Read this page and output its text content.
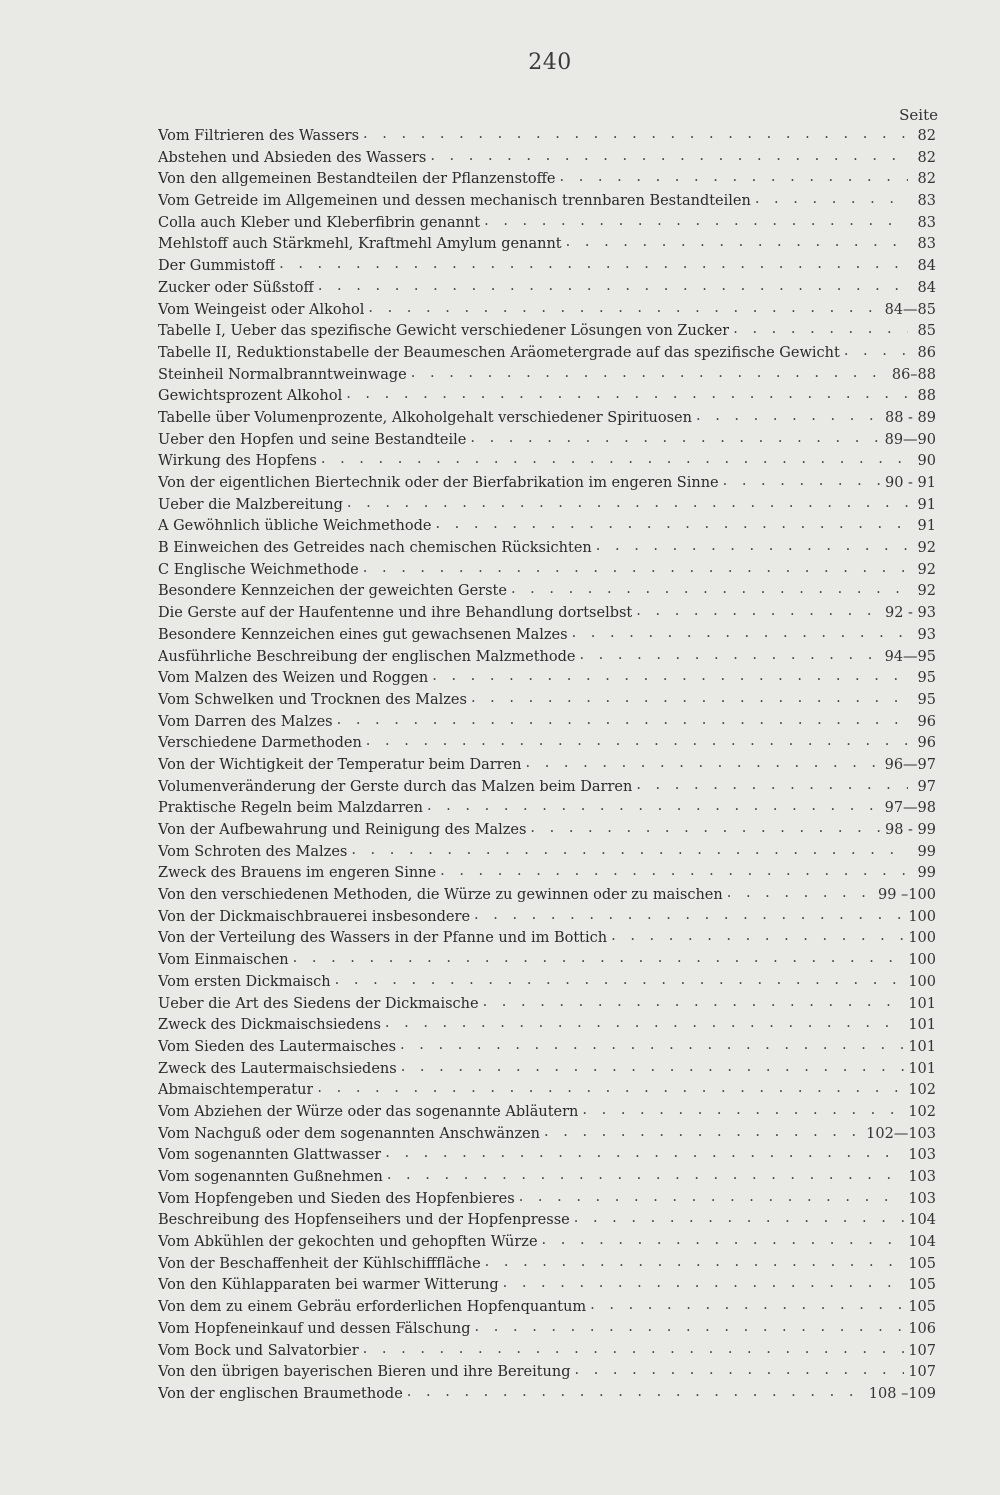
240
Seite
Vom Filtrieren des Wassers . . .	82
Abstehen und Absieden des Wassers . . .	82
Von den allgemeinen Bestandteilen der Pflanzenstoffe . . .	82
Vom Getreide im Allgemeinen und dessen mechanisch trennbaren Bestandteilen . . .	83
Colla auch Kleber und Kleberfibrin genannt . . .	83
Mehlstoff auch Stärkmehl, Kraftmehl Amylum genannt . . .	83
Der Gummistoff . . .	84
Zucker oder Süßstoff . . .	84
Vom Weingeist oder Alkohol . . .	84—85
Tabelle I, Ueber das spezifische Gewicht verschiedener Lösungen von Zucker . . .	85
Tabelle II, Reduktionstabelle der Beaumeschen Aräometergrade auf das spezifische Gewicht . . .	86
Steinheil Normalbranntweinwage . . .	86–88
Gewichtsprozent Alkohol . . .	88
Tabelle über Volumenprozente, Alkoholgehalt verschiedener Spirituosen . . .	88 - 89
Ueber den Hopfen und seine Bestandteile . . .	89—90
Wirkung des Hopfens . . .	90
Von der eigentlichen Biertechnik oder der Bierfabrikation im engeren Sinne . . .	90 - 91
Ueber die Malzbereitung . . .	91
A Gewöhnlich übliche Weichmethode . . .	91
B Einweichen des Getreides nach chemischen Rücksichten . . .	92
C Englische Weichmethode . . .	92
Besondere Kennzeichen der geweichten Gerste . . .	92
Die Gerste auf der Haufentenne und ihre Behandlung dortselbst . . .	92 - 93
Besondere Kennzeichen eines gut gewachsenen Malzes . . .	93
Ausführliche Beschreibung der englischen Malzmethode . . .	94—95
Vom Malzen des Weizen und Roggen . . .	95
Vom Schwelken und Trocknen des Malzes . . .	95
Vom Darren des Malzes . . .	96
Verschiedene Darmethoden . . .	96
Von der Wichtigkeit der Temperatur beim Darren . . .	96—97
Volumenveränderung der Gerste durch das Malzen beim Darren . . .	97
Praktische Regeln beim Malzdarren . . .	97—98
Von der Aufbewahrung und Reinigung des Malzes . . .	98 - 99
Vom Schroten des Malzes . . .	99
Zweck des Brauens im engeren Sinne . . .	99
Von den verschiedenen Methoden, die Würze zu gewinnen oder zu maischen . . .	99 –100
Von der Dickmaischbrauerei insbesondere . . .	100
Von der Verteilung des Wassers in der Pfanne und im Bottich . . .	100
Vom Einmaischen . . .	100
Vom ersten Dickmaisch . . .	100
Ueber die Art des Siedens der Dickmaische . . .	101
Zweck des Dickmaischsiedens . . .	101
Vom Sieden des Lautermaisches . . .	101
Zweck des Lautermaischsiedens . . .	101
Abmaischtemperatur . . .	102
Vom Abziehen der Würze oder das sogenannte Abläutern . . .	102
Vom Nachguß oder dem sogenannten Anschwänzen . . .	102—103
Vom sogenannten Glattwasser . . .	103
Vom sogenannten Gußnehmen . . .	103
Vom Hopfengeben und Sieden des Hopfenbieres . . .	103
Beschreibung des Hopfenseihers und der Hopfenpresse . . .	104
Vom Abkühlen der gekochten und gehopften Würze . . .	104
Von der Beschaffenheit der Kühlschifffläche . . .	105
Von den Kühlapparaten bei warmer Witterung . . .	105
Von dem zu einem Gebräu erforderlichen Hopfenquantum . . .	105
Vom Hopfeneinkauf und dessen Fälschung . . .	106
Vom Bock und Salvatorbier . . .	107
Von den übrigen bayerischen Bieren und ihre Bereitung . . .	107
Von der englischen Braumethode . . .	108 –109
